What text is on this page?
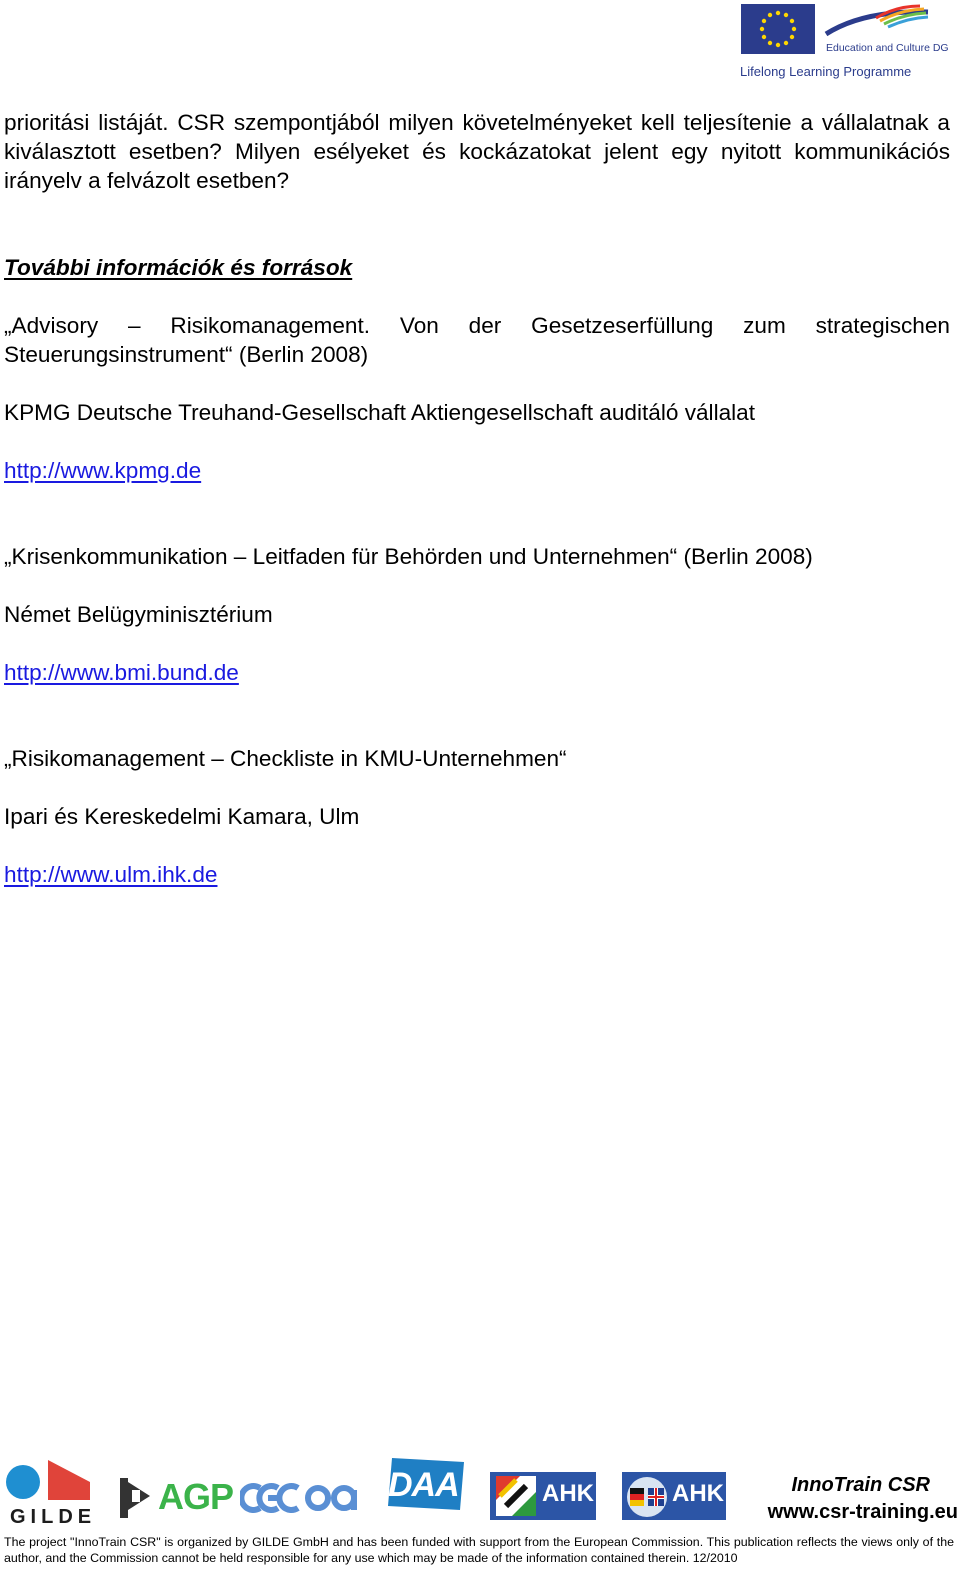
Education and Culture DG
Lifelong Learning Programme

prioritási listáját. CSR szempontjából milyen követelményeket kell teljesítenie a vállalatnak a kiválasztott esetben? Milyen esélyeket és kockázatokat jelent egy nyitott kommunikációs irányelv a felvázolt esetben?

További információk és források

„Advisory – Risikomanagement. Von der Gesetzeserfüllung zum strategischen Steuerungsinstrument“ (Berlin 2008)

KPMG Deutsche Treuhand-Gesellschaft Aktiengesellschaft auditáló vállalat

http://www.kpmg.de

„Krisenkommunikation – Leitfaden für Behörden und Unternehmen“ (Berlin 2008)

Német Belügyminisztérium

http://www.bmi.bund.de

„Risikomanagement – Checkliste in KMU-Unternehmen“

Ipari és Kereskedelmi Kamara, Ulm

http://www.ulm.ihk.de

GILDE AGP	DAA	AHK	AHK	InnoTrain CSR
www.csr-training.eu
The project "InnoTrain CSR" is organized by GILDE GmbH and has been funded with support from the European Commission. This publication reflects the views only of the author, and the Commission cannot be held responsible for any use which may be made of the information contained therein. 12/2010
